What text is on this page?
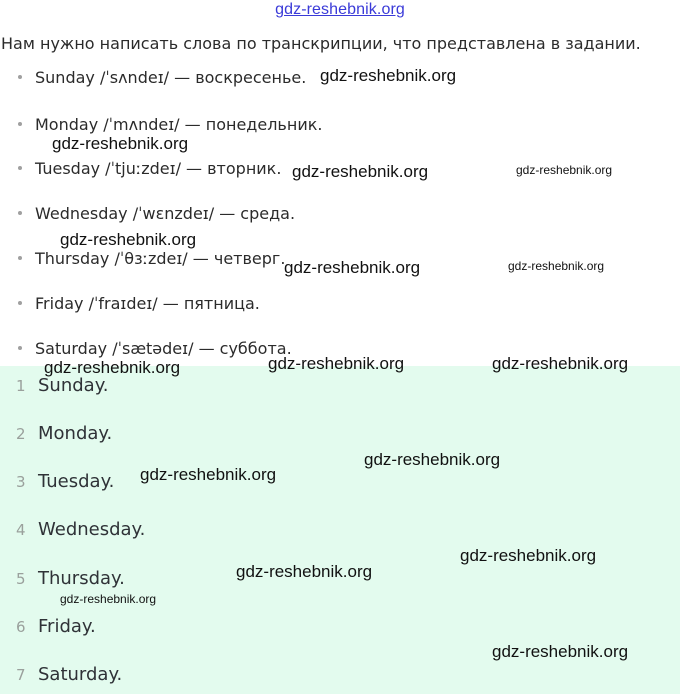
gdz-reshebnik.org
Нам нужно написать слова по транскрипции, что представлена в задании.
Sunday /ˈsʌndeɪ/ — воскресенье.
Monday /ˈmʌndeɪ/ — понедельник.
Tuesday /ˈtjuːzdeɪ/ — вторник.
Wednesday /ˈwɛnzdeɪ/ — среда.
Thursday /ˈθɜːzdeɪ/ — четверг.
Friday /ˈfraɪdeɪ/ — пятница.
Saturday /ˈsætədeɪ/ — суббота.
1 Sunday.
2 Monday.
3 Tuesday.
4 Wednesday.
5 Thursday.
6 Friday.
7 Saturday.
gdz-reshebnik.org
gdz-reshebnik.org
gdz-reshebnik.org	gdz-reshebnik.org
gdz-reshebnik.org
gdz-reshebnik.org	gdz-reshebnik.org
gdz-reshebnik.org	gdz-reshebnik.org
gdz-reshebnik.org
gdz-reshebnik.org
gdz-reshebnik.org
gdz-reshebnik.org
gdz-reshebnik.org
gdz-reshebnik.org
gdz-reshebnik.org
